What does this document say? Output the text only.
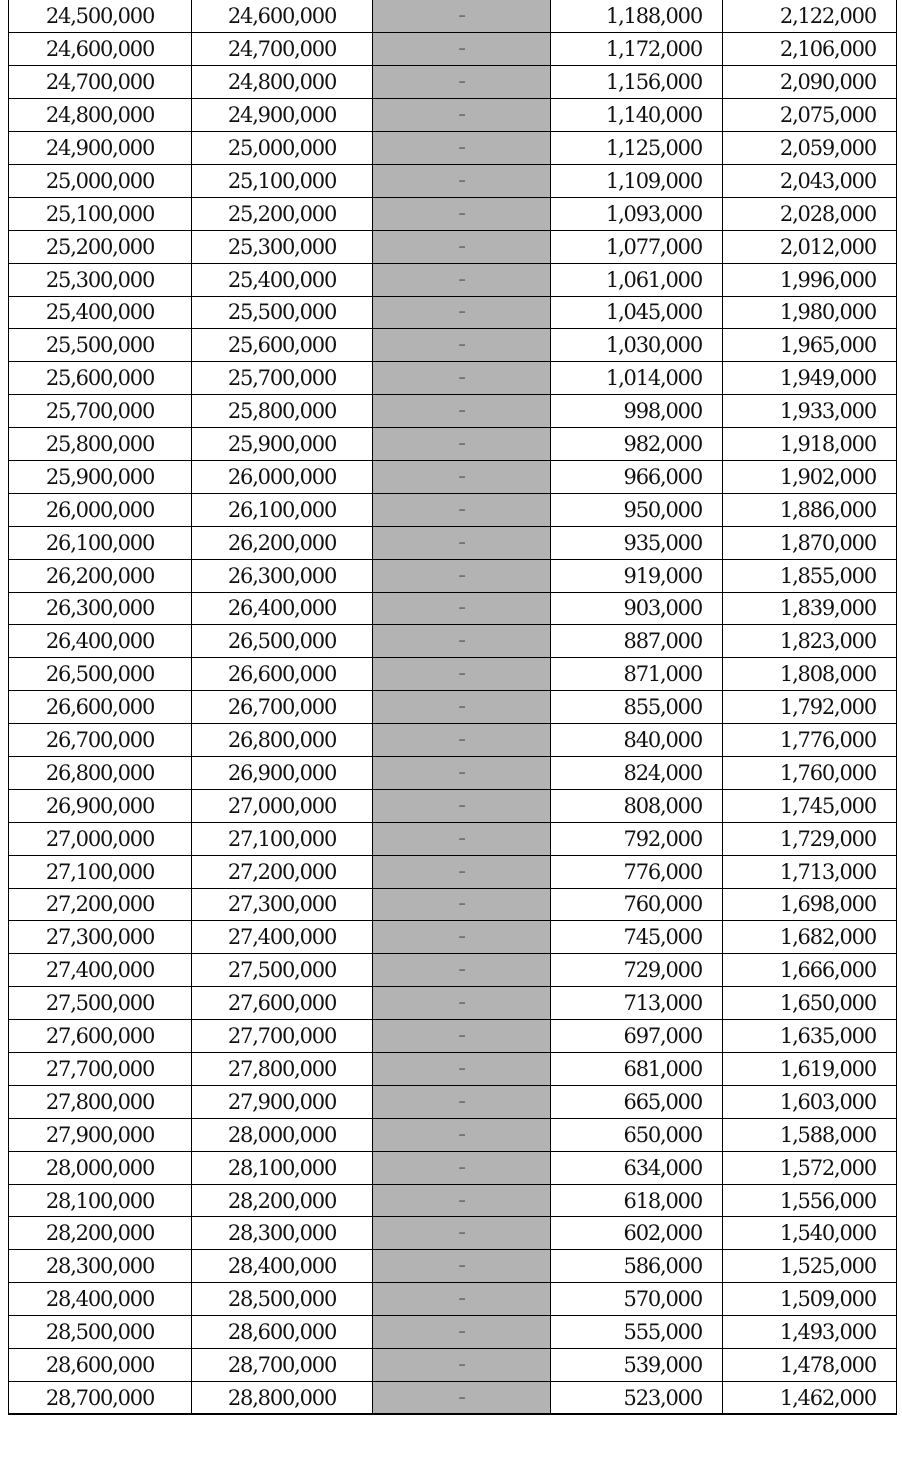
24,500,000	24,600,000	–	1,188,000	2,122,000
24,600,000	24,700,000	–	1,172,000	2,106,000
24,700,000	24,800,000	–	1,156,000	2,090,000
24,800,000	24,900,000	–	1,140,000	2,075,000
24,900,000	25,000,000	–	1,125,000	2,059,000
25,000,000	25,100,000	–	1,109,000	2,043,000
25,100,000	25,200,000	–	1,093,000	2,028,000
25,200,000	25,300,000	–	1,077,000	2,012,000
25,300,000	25,400,000	–	1,061,000	1,996,000
25,400,000	25,500,000	–	1,045,000	1,980,000
25,500,000	25,600,000	–	1,030,000	1,965,000
25,600,000	25,700,000	–	1,014,000	1,949,000
25,700,000	25,800,000	–	998,000	1,933,000
25,800,000	25,900,000	–	982,000	1,918,000
25,900,000	26,000,000	–	966,000	1,902,000
26,000,000	26,100,000	–	950,000	1,886,000
26,100,000	26,200,000	–	935,000	1,870,000
26,200,000	26,300,000	–	919,000	1,855,000
26,300,000	26,400,000	–	903,000	1,839,000
26,400,000	26,500,000	–	887,000	1,823,000
26,500,000	26,600,000	–	871,000	1,808,000
26,600,000	26,700,000	–	855,000	1,792,000
26,700,000	26,800,000	–	840,000	1,776,000
26,800,000	26,900,000	–	824,000	1,760,000
26,900,000	27,000,000	–	808,000	1,745,000
27,000,000	27,100,000	–	792,000	1,729,000
27,100,000	27,200,000	–	776,000	1,713,000
27,200,000	27,300,000	–	760,000	1,698,000
27,300,000	27,400,000	–	745,000	1,682,000
27,400,000	27,500,000	–	729,000	1,666,000
27,500,000	27,600,000	–	713,000	1,650,000
27,600,000	27,700,000	–	697,000	1,635,000
27,700,000	27,800,000	–	681,000	1,619,000
27,800,000	27,900,000	–	665,000	1,603,000
27,900,000	28,000,000	–	650,000	1,588,000
28,000,000	28,100,000	–	634,000	1,572,000
28,100,000	28,200,000	–	618,000	1,556,000
28,200,000	28,300,000	–	602,000	1,540,000
28,300,000	28,400,000	–	586,000	1,525,000
28,400,000	28,500,000	–	570,000	1,509,000
28,500,000	28,600,000	–	555,000	1,493,000
28,600,000	28,700,000	–	539,000	1,478,000
28,700,000	28,800,000	–	523,000	1,462,000
